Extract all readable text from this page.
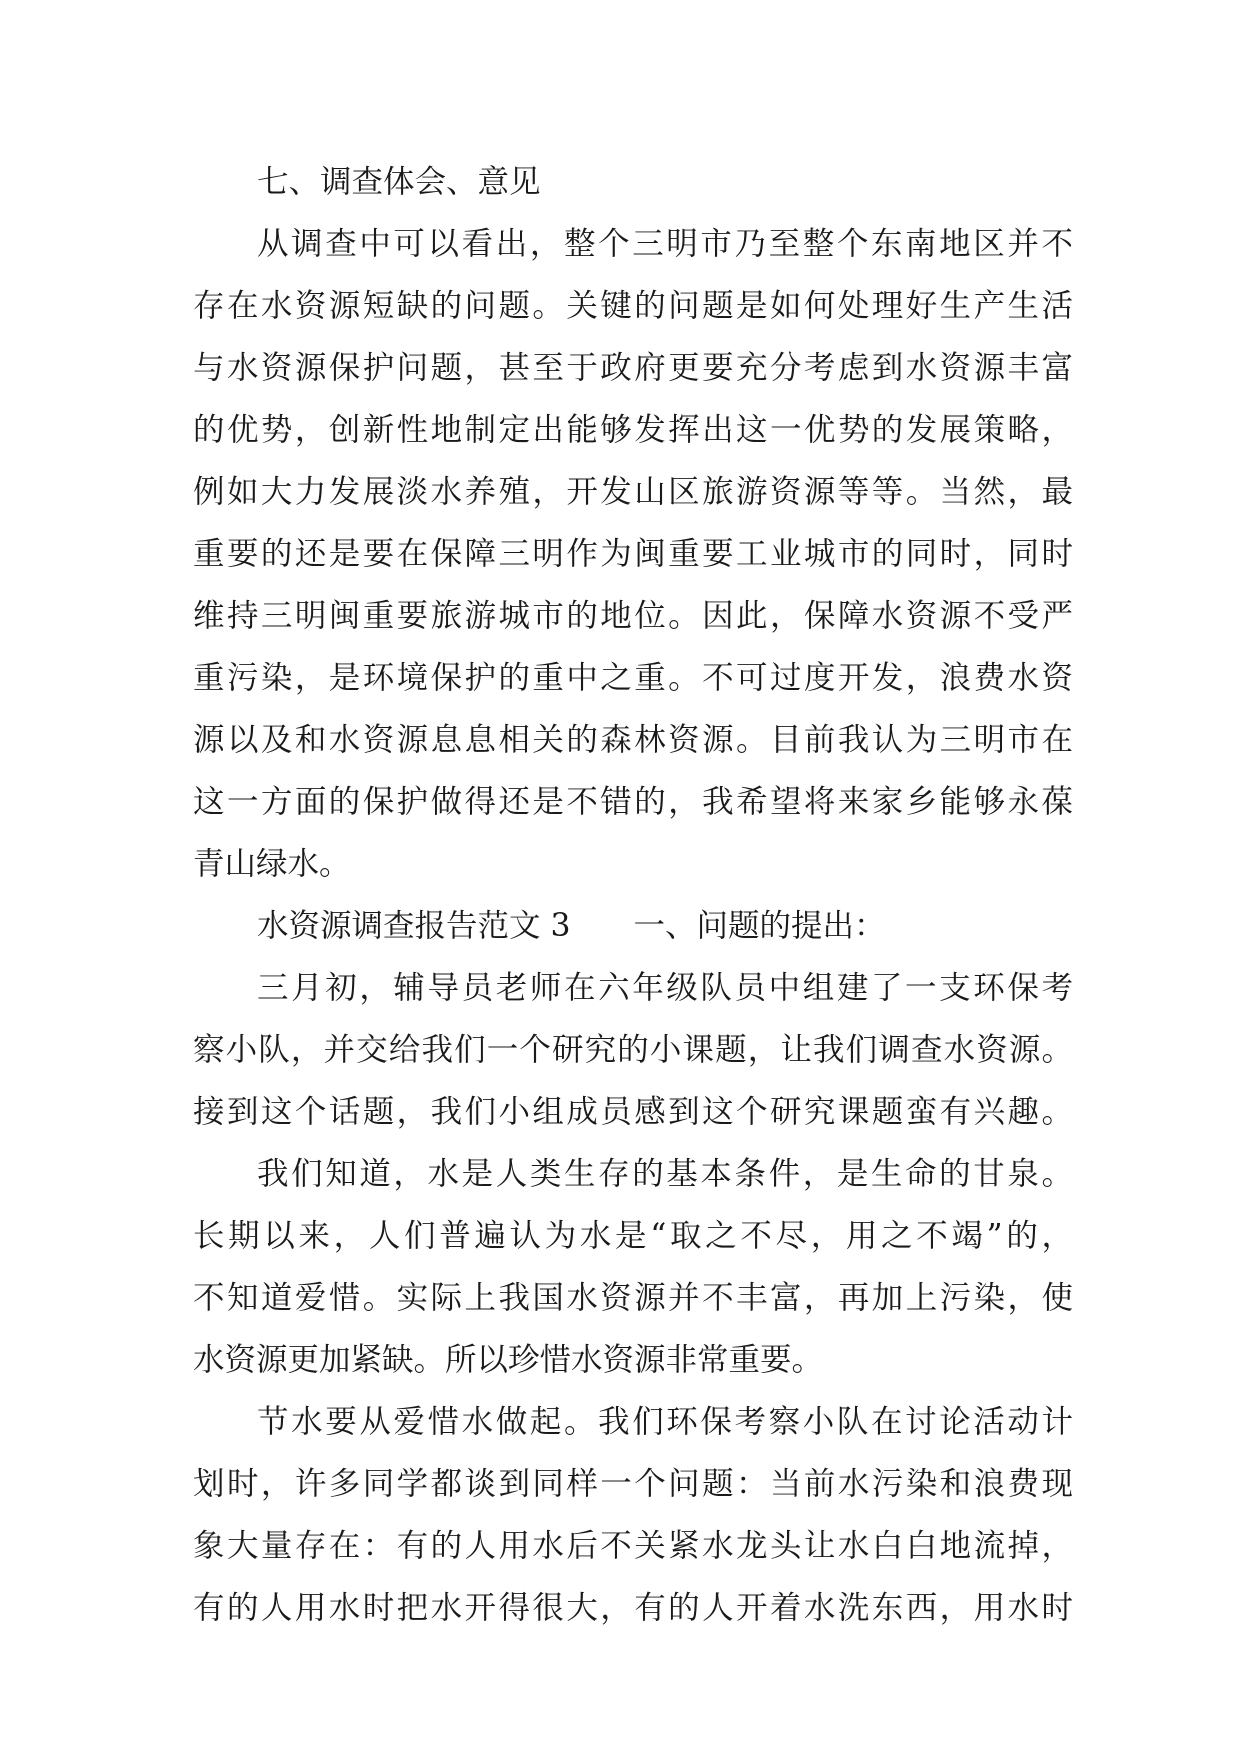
七、调查体会、意见
从调查中可以看出，整个三明市乃至整个东南地区并不
存在水资源短缺的问题。关键的问题是如何处理好生产生活
与水资源保护问题，甚至于政府更要充分考虑到水资源丰富
的优势，创新性地制定出能够发挥出这一优势的发展策略，
例如大力发展淡水养殖，开发山区旅游资源等等。当然，最
重要的还是要在保障三明作为闽重要工业城市的同时，同时
维持三明闽重要旅游城市的地位。因此，保障水资源不受严
重污染，是环境保护的重中之重。不可过度开发，浪费水资
源以及和水资源息息相关的森林资源。目前我认为三明市在
这一方面的保护做得还是不错的，我希望将来家乡能够永葆
青山绿水。
水资源调查报告范文 3　　一、问题的提出：
三月初，辅导员老师在六年级队员中组建了一支环保考
察小队，并交给我们一个研究的小课题，让我们调查水资源。
接到这个话题，我们小组成员感到这个研究课题蛮有兴趣。
我们知道，水是人类生存的基本条件，是生命的甘泉。
长期以来，人们普遍认为水是“取之不尽，用之不竭”的，
不知道爱惜。实际上我国水资源并不丰富，再加上污染，使
水资源更加紧缺。所以珍惜水资源非常重要。
节水要从爱惜水做起。我们环保考察小队在讨论活动计
划时，许多同学都谈到同样一个问题：当前水污染和浪费现
象大量存在：有的人用水后不关紧水龙头让水白白地流掉，
有的人用水时把水开得很大，有的人开着水洗东西，用水时
